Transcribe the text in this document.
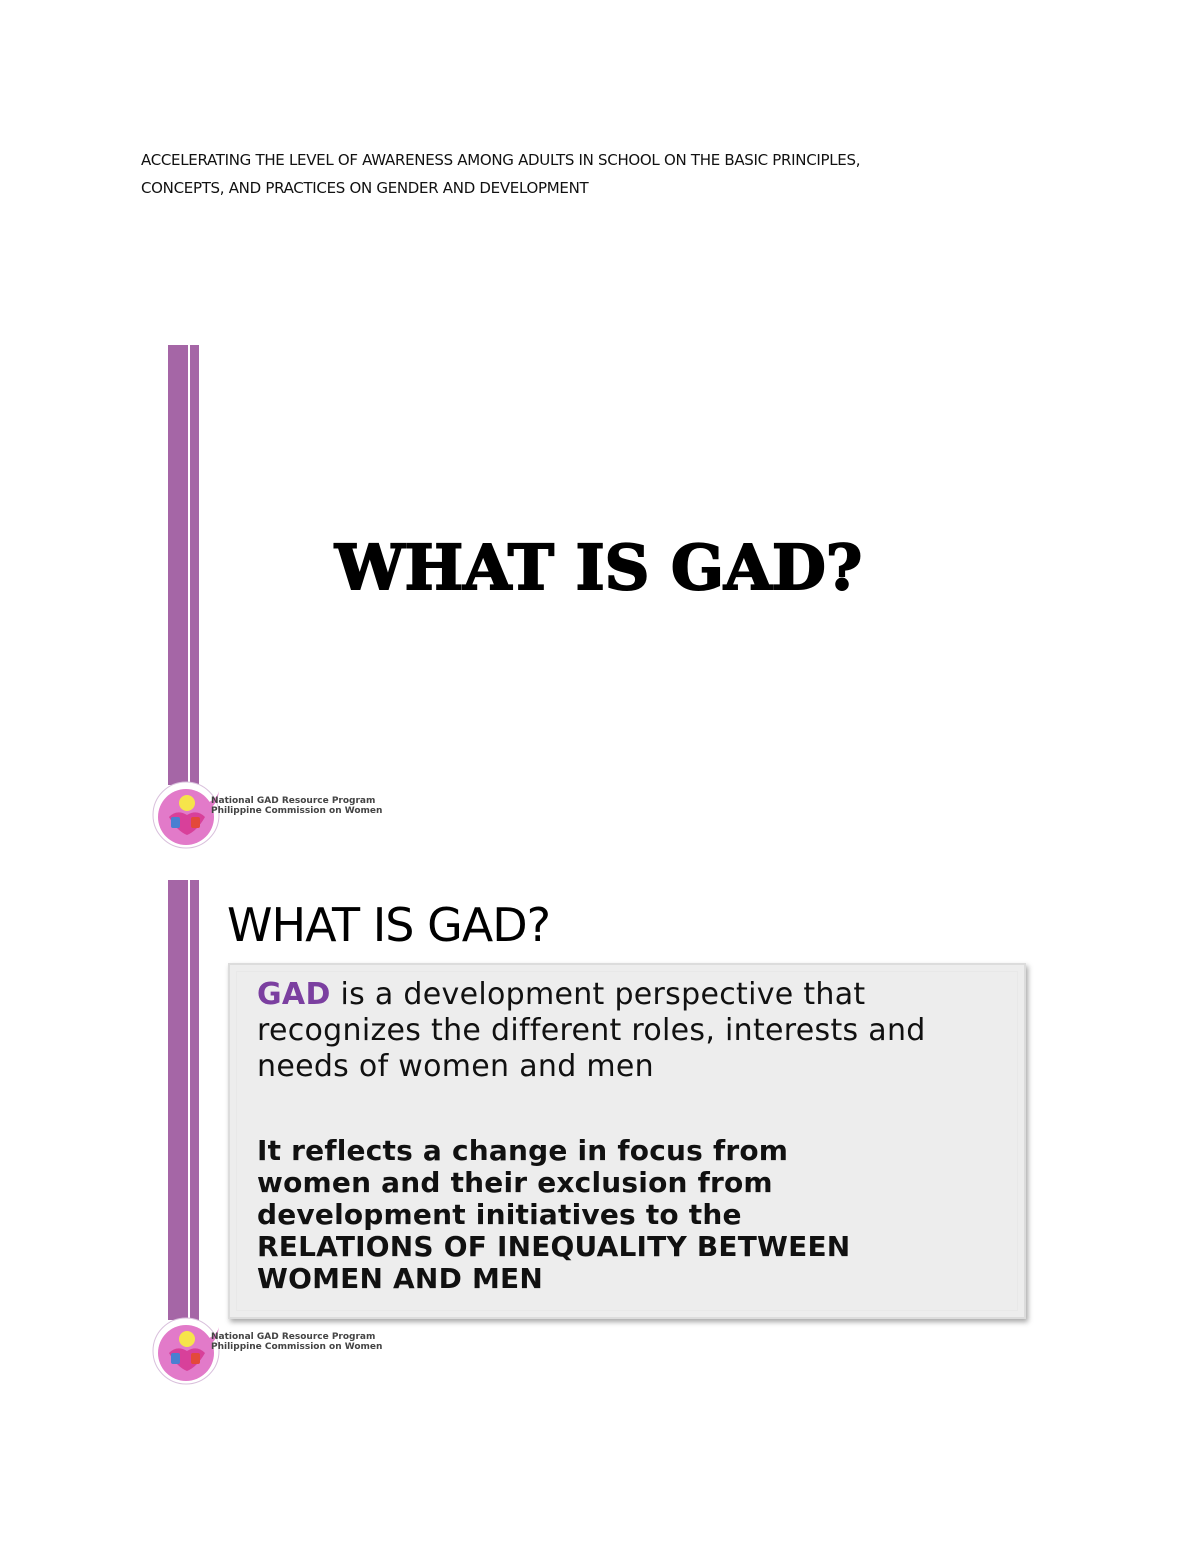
ACCELERATING THE LEVEL OF AWARENESS AMONG ADULTS IN SCHOOL ON THE BASIC PRINCIPLES,
CONCEPTS, AND PRACTICES ON GENDER AND DEVELOPMENT
WHAT IS GAD?
National GAD Resource Program
Philippine Commission on Women
WHAT IS GAD?
GAD is a development perspective that recognizes the different roles, interests and needs of women and men
It reflects a change in focus from
women and their exclusion from
development initiatives to the
RELATIONS OF INEQUALITY BETWEEN
WOMEN AND MEN
National GAD Resource Program
Philippine Commission on Women
